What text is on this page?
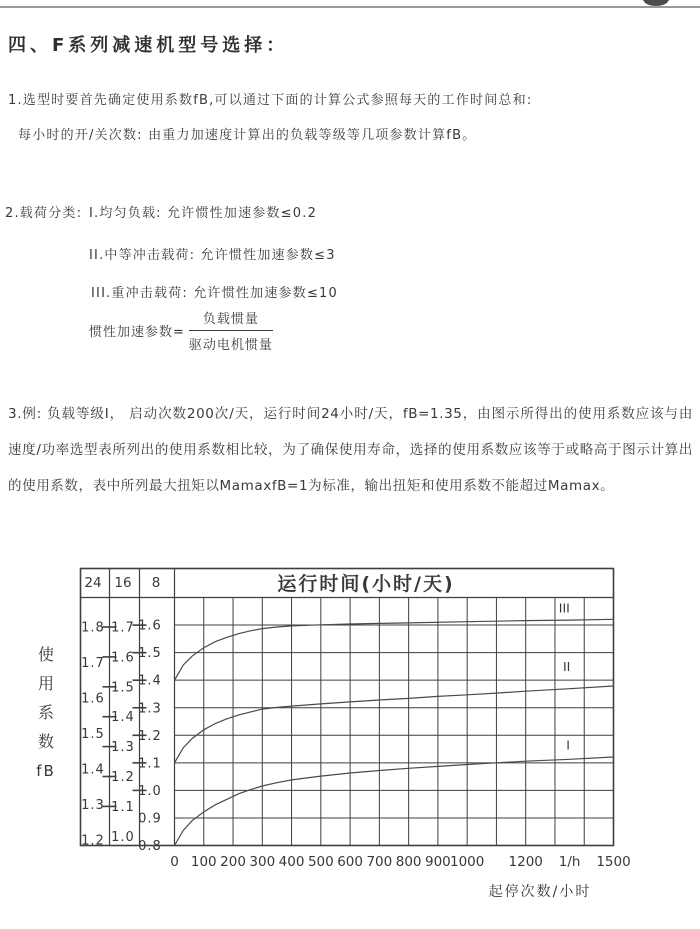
四、F系列减速机型号选择：
1.选型时要首先确定使用系数fB,可以通过下面的计算公式参照每天的工作时间总和:
每小时的开/关次数: 由重力加速度计算出的负载等级等几项参数计算fB。
2.载荷分类: I.均匀负载: 允许惯性加速参数≤0.2
II.中等冲击载荷: 允许惯性加速参数≤3
III.重冲击载荷: 允许惯性加速参数≤10
惯性加速参数= $\frac{\text{负载惯量}}{\text{驱动电机惯量}}$
3.例: 负载等级I， 启动次数200次/天，运行时间24小时/天，fB=1.35，由图示所得出的使用系数应该与由速度/功率选型表所列出的使用系数相比较，为了确保使用寿命，选择的使用系数应该等于或略高于图示计算出的使用系数，表中所列最大扭矩以MamaxfB=1为标准，输出扭矩和使用系数不能超过Mamax。
运行时间(小时/天)
24 16 8
1.8
1.7
1.6
1.5
1.4
1.3
1.2
1.7
1.6
1.5
1.4
1.3
1.2
1.1
1.0
1.6
1.5
1.4
1.3
1.2
1.1
1.0
0.9
0.8
III
II
I
0 100 200 300 400 500 600 700 800 900 1000 1200 1/h 1500
起停次数/小时
使
用
系
数
fB
